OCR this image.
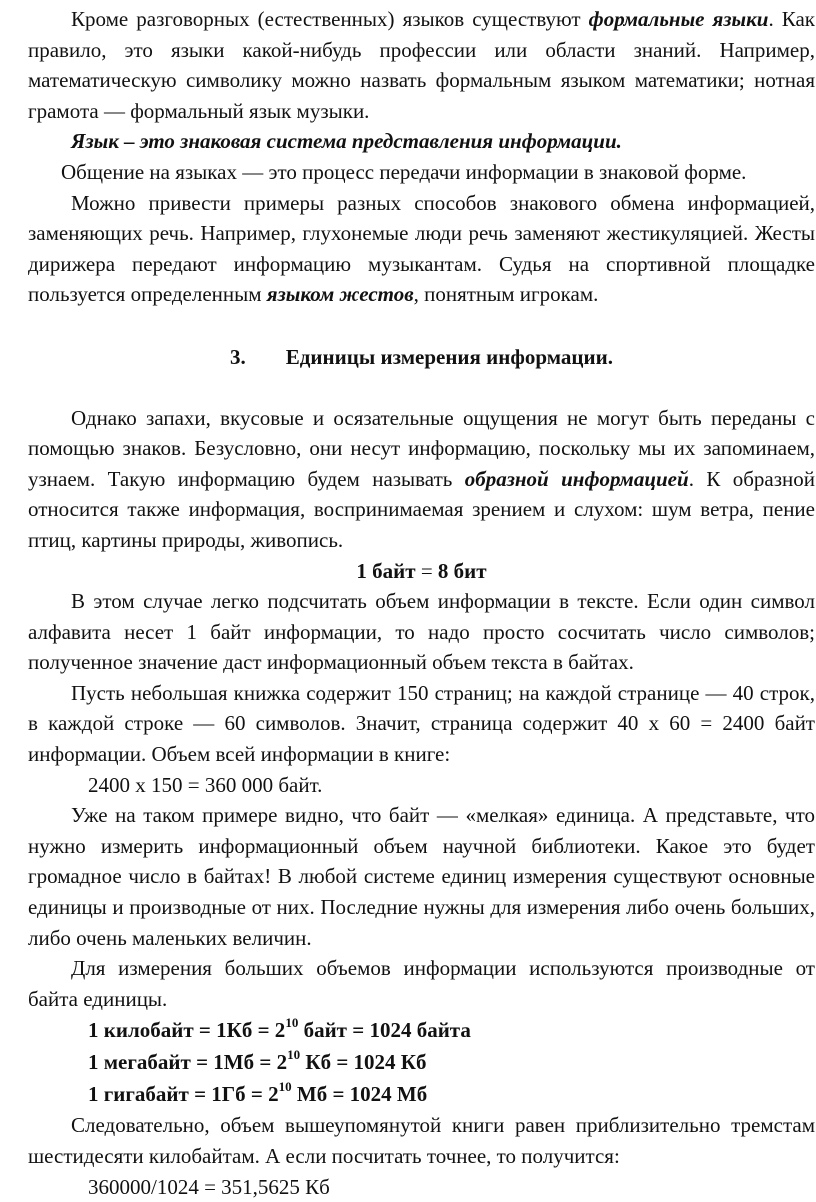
Кроме разговорных (естественных) языков существуют формальные языки. Как правило, это языки какой-нибудь профессии или области знаний. Например, математическую символику можно назвать формальным языком математики; нотная грамота — формальный язык музыки.

Язык – это знаковая система представления информации.

Общение на языках — это процесс передачи информации в знаковой форме.

Можно привести примеры разных способов знакового обмена информацией, заменяющих речь. Например, глухонемые люди речь заменяют жестикуляцией. Жесты дирижера передают информацию музыкантам. Судья на спортивной площадке пользуется определенным языком жестов, понятным игрокам.

3. Единицы измерения информации.

Однако запахи, вкусовые и осязательные ощущения не могут быть переданы с помощью знаков. Безусловно, они несут информацию, поскольку мы их запоминаем, узнаем. Такую информацию будем называть образной информацией. К образной относится также информация, воспринимаемая зрением и слухом: шум ветра, пение птиц, картины природы, живопись.

1 байт = 8 бит

В этом случае легко подсчитать объем информации в тексте. Если один символ алфавита несет 1 байт информации, то надо просто сосчитать число символов; полученное значение даст информационный объем текста в байтах.

Пусть небольшая книжка содержит 150 страниц; на каждой странице — 40 строк, в каждой строке — 60 символов. Значит, страница содержит 40 х 60 = 2400 байт информации. Объем всей информации в книге:

2400 х 150 = 360 000 байт.

Уже на таком примере видно, что байт — «мелкая» единица. А представьте, что нужно измерить информационный объем научной библиотеки. Какое это будет громадное число в байтах! В любой системе единиц измерения существуют основные единицы и производные от них. Последние нужны для измерения либо очень больших, либо очень маленьких величин.

Для измерения больших объемов информации используются производные от байта единицы.

1 килобайт = $1Кб = 2^{10}$ байт = 1024 байта

1 мегабайт = $1Мб = 2^{10}$ Кб = 1024 Кб

1 гигабайт = $1Гб = 2^{10}$ Мб = 1024 Мб

Следовательно, объем вышеупомянутой книги равен приблизительно тремстам шестидесяти килобайтам. А если посчитать точнее, то получится:

360000/1024 = 351,5625 Кб
